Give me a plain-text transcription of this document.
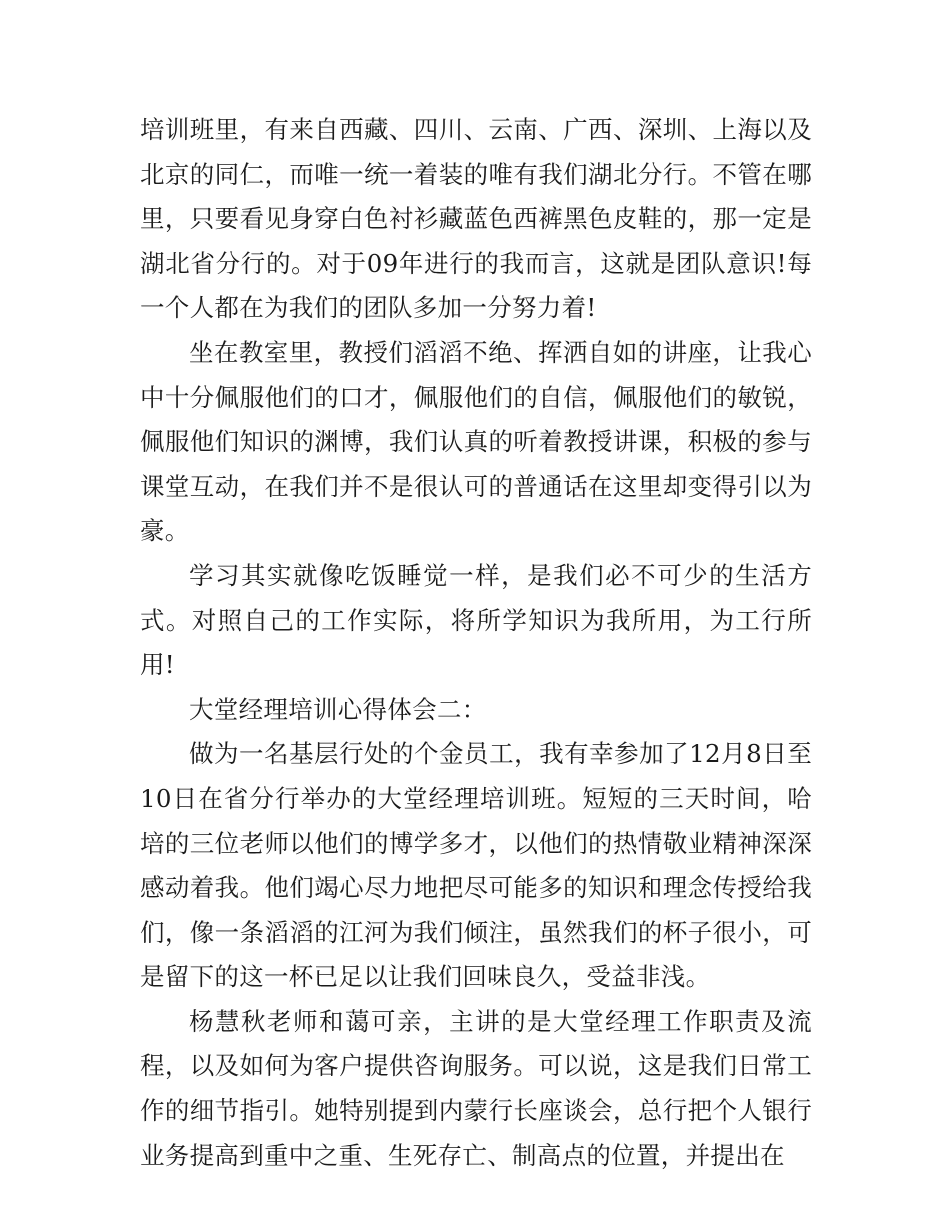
培训班里，有来自西藏、四川、云南、广西、深圳、上海以及北京的同仁，而唯一统一着装的唯有我们湖北分行。不管在哪里，只要看见身穿白色衬衫藏蓝色西裤黑色皮鞋的，那一定是湖北省分行的。对于09年进行的我而言，这就是团队意识!每一个人都在为我们的团队多加一分努力着!

坐在教室里，教授们滔滔不绝、挥洒自如的讲座，让我心中十分佩服他们的口才，佩服他们的自信，佩服他们的敏锐，佩服他们知识的渊博，我们认真的听着教授讲课，积极的参与课堂互动，在我们并不是很认可的普通话在这里却变得引以为豪。

学习其实就像吃饭睡觉一样，是我们必不可少的生活方式。对照自己的工作实际，将所学知识为我所用，为工行所用!

大堂经理培训心得体会二：

做为一名基层行处的个金员工，我有幸参加了12月8日至10日在省分行举办的大堂经理培训班。短短的三天时间，哈培的三位老师以他们的博学多才，以他们的热情敬业精神深深感动着我。他们竭心尽力地把尽可能多的知识和理念传授给我们，像一条滔滔的江河为我们倾注，虽然我们的杯子很小，可是留下的这一杯已足以让我们回味良久，受益非浅。

杨慧秋老师和蔼可亲，主讲的是大堂经理工作职责及流程，以及如何为客户提供咨询服务。可以说，这是我们日常工作的细节指引。她特别提到内蒙行长座谈会，总行把个人银行业务提高到重中之重、生死存亡、制高点的位置，并提出在
